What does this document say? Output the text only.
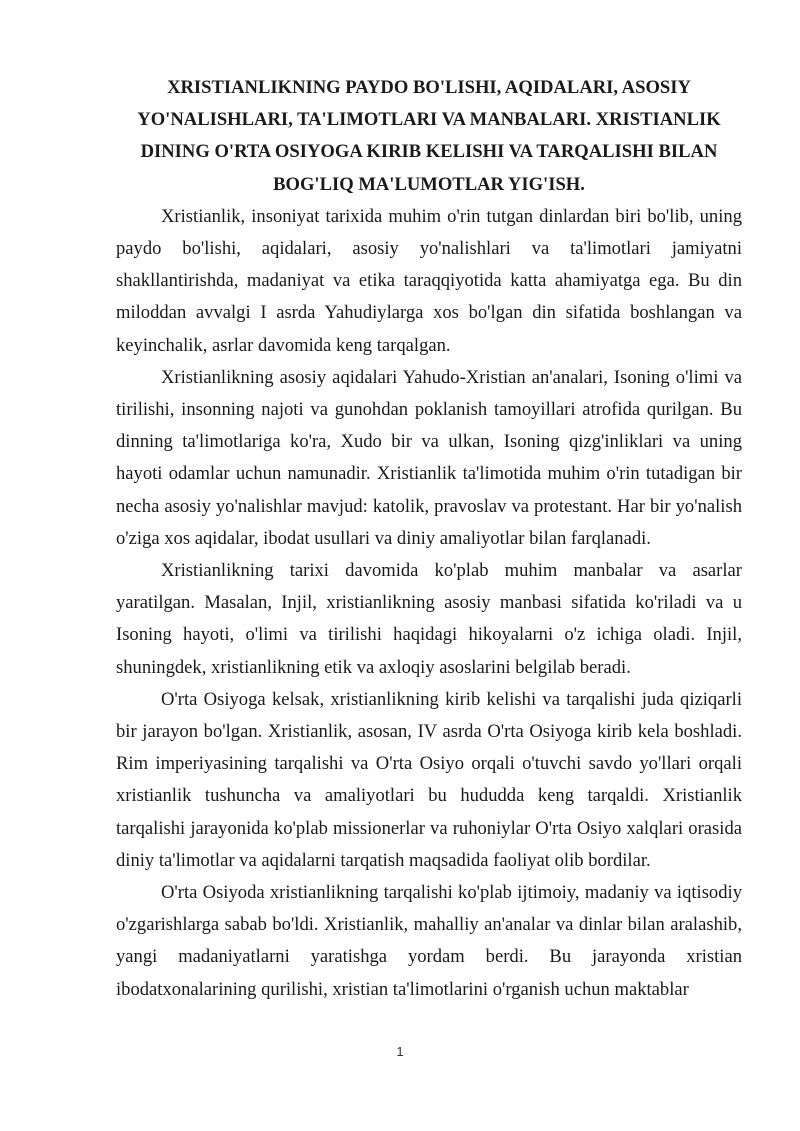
XRISTIANLIKNING PAYDO BO'LISHI, AQIDALARI, ASOSIY YO'NALISHLARI, TA'LIMOTLARI VA MANBALARI. XRISTIANLIK DINING O'RTA OSIYOGA KIRIB KELISHI VA TARQALISHI BILAN BOG'LIQ MA'LUMOTLAR YIG'ISH.

Xristianlik, insoniyat tarixida muhim o'rin tutgan dinlardan biri bo'lib, uning paydo bo'lishi, aqidalari, asosiy yo'nalishlari va ta'limotlari jamiyatni shakllantirishda, madaniyat va etika taraqqiyotida katta ahamiyatga ega. Bu din miloddan avvalgi I asrda Yahudiylarga xos bo'lgan din sifatida boshlangan va keyinchalik, asrlar davomida keng tarqalgan.

Xristianlikning asosiy aqidalari Yahudo-Xristian an'analari, Isoning o'limi va tirilishi, insonning najoti va gunohdan poklanish tamoyillari atrofida qurilgan. Bu dinning ta'limotlariga ko'ra, Xudo bir va ulkan, Isoning qizg'inliklari va uning hayoti odamlar uchun namunadir. Xristianlik ta'limotida muhim o'rin tutadigan bir necha asosiy yo'nalishlar mavjud: katolik, pravoslav va protestant. Har bir yo'nalish o'ziga xos aqidalar, ibodat usullari va diniy amaliyotlar bilan farqlanadi.

Xristianlikning tarixi davomida ko'plab muhim manbalar va asarlar yaratilgan. Masalan, Injil, xristianlikning asosiy manbasi sifatida ko'riladi va u Isoning hayoti, o'limi va tirilishi haqidagi hikoyalarni o'z ichiga oladi. Injil, shuningdek, xristianlikning etik va axloqiy asoslarini belgilab beradi.

O'rta Osiyoga kelsak, xristianlikning kirib kelishi va tarqalishi juda qiziqarli bir jarayon bo'lgan. Xristianlik, asosan, IV asrda O'rta Osiyoga kirib kela boshladi. Rim imperiyasining tarqalishi va O'rta Osiyo orqali o'tuvchi savdo yo'llari orqali xristianlik tushuncha va amaliyotlari bu hududda keng tarqaldi. Xristianlik tarqalishi jarayonida ko'plab missionerlar va ruhoniylar O'rta Osiyo xalqlari orasida diniy ta'limotlar va aqidalarni tarqatish maqsadida faoliyat olib bordilar.

O'rta Osiyoda xristianlikning tarqalishi ko'plab ijtimoiy, madaniy va iqtisodiy o'zgarishlarga sabab bo'ldi. Xristianlik, mahalliy an'analar va dinlar bilan aralashib, yangi madaniyatlarni yaratishga yordam berdi. Bu jarayonda xristian ibodatxonalarining qurilishi, xristian ta'limotlarini o'rganish uchun maktablar

1
